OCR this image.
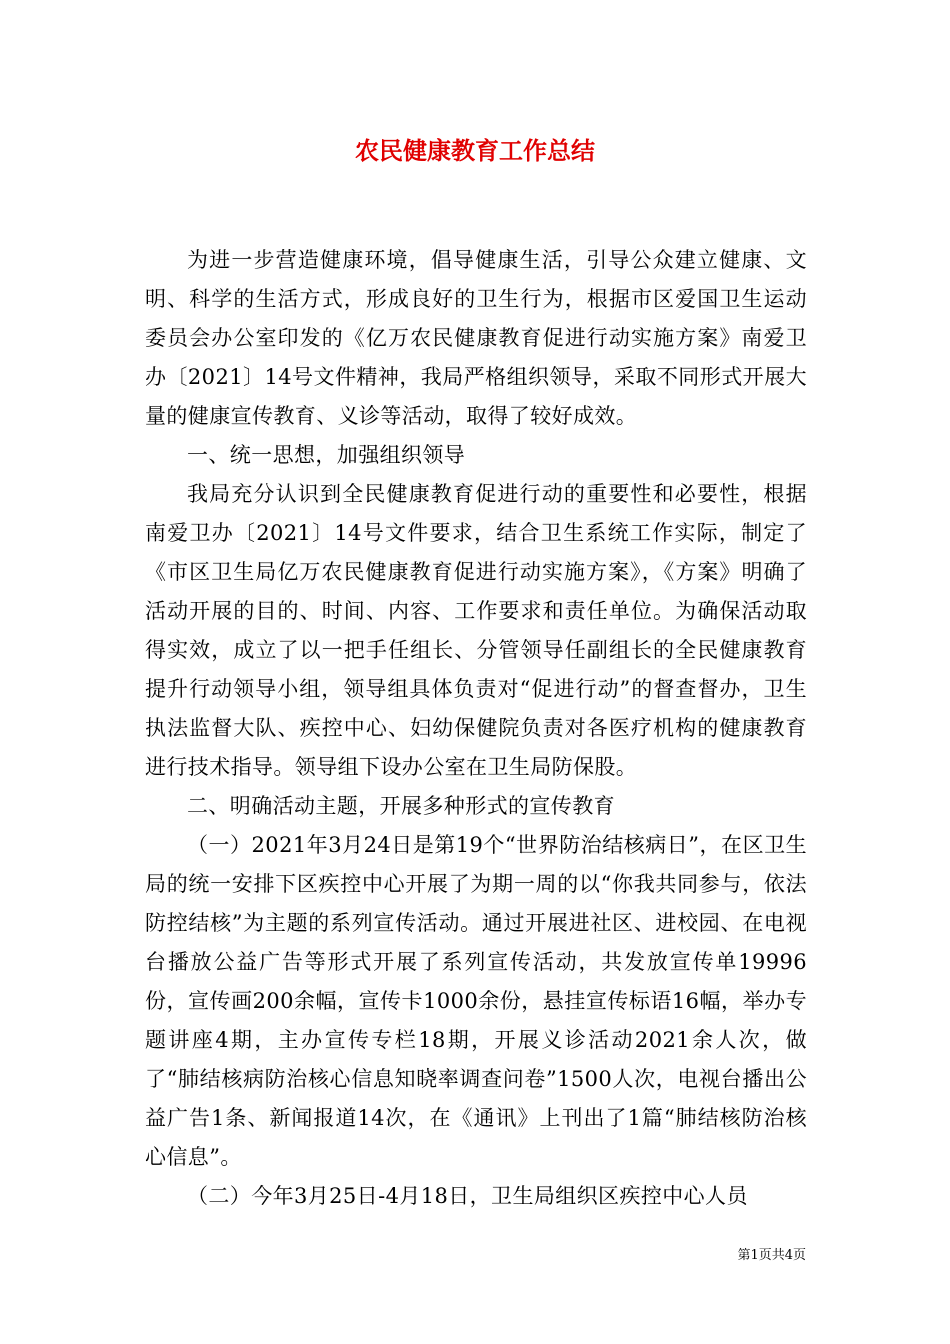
农民健康教育工作总结

为进一步营造健康环境，倡导健康生活，引导公众建立健康、文明、科学的生活方式，形成良好的卫生行为，根据市区爱国卫生运动委员会办公室印发的《亿万农民健康教育促进行动实施方案》南爱卫办〔2021〕14号文件精神，我局严格组织领导，采取不同形式开展大量的健康宣传教育、义诊等活动，取得了较好成效。

一、统一思想，加强组织领导

我局充分认识到全民健康教育促进行动的重要性和必要性，根据南爱卫办〔2021〕14号文件要求，结合卫生系统工作实际，制定了《市区卫生局亿万农民健康教育促进行动实施方案》，《方案》明确了活动开展的目的、时间、内容、工作要求和责任单位。为确保活动取得实效，成立了以一把手任组长、分管领导任副组长的全民健康教育提升行动领导小组，领导组具体负责对“促进行动”的督查督办，卫生执法监督大队、疾控中心、妇幼保健院负责对各医疗机构的健康教育进行技术指导。领导组下设办公室在卫生局防保股。

二、明确活动主题，开展多种形式的宣传教育

（一）2021年3月24日是第19个“世界防治结核病日”，在区卫生局的统一安排下区疾控中心开展了为期一周的以“你我共同参与，依法防控结核”为主题的系列宣传活动。通过开展进社区、进校园、在电视台播放公益广告等形式开展了系列宣传活动，共发放宣传单19996份，宣传画200余幅，宣传卡1000余份，悬挂宣传标语16幅，举办专题讲座4期，主办宣传专栏18期，开展义诊活动2021余人次，做了“肺结核病防治核心信息知晓率调查问卷”1500人次，电视台播出公益广告1条、新闻报道14次，在《通讯》上刊出了1篇“肺结核防治核心信息”。

（二）今年3月25日-4月18日，卫生局组织区疾控中心人员

第1页共4页
